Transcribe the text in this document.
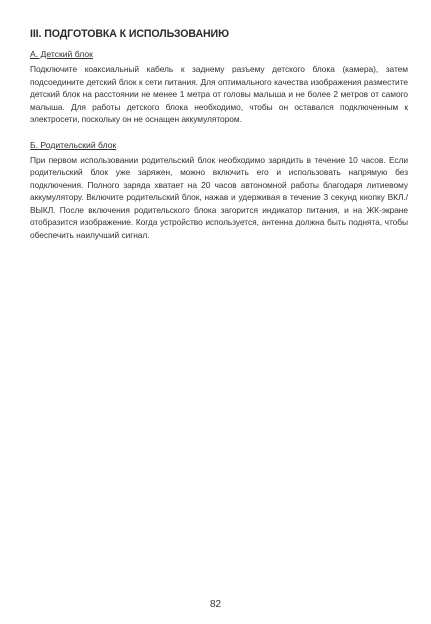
III. ПОДГОТОВКА К ИСПОЛЬЗОВАНИЮ
А. Детский блок

Подключите коаксиальный кабель к заднему разъему детского блока (камера), затем подсоедините детский блок к сети питания. Для оптимального качества изображения разместите детский блок на расстоянии не менее 1 метра от головы малыша и не более 2 метров от самого малыша. Для работы детского блока необходимо, чтобы он оставался подключенным к электросети, поскольку он не оснащен аккумулятором.

Б. Родительский блок

При первом использовании родительский блок необходимо зарядить в течение 10 часов. Если родительский блок уже заряжен, можно включить его и использовать напрямую без подключения. Полного заряда хватает на 20 часов автономной работы благодаря литиевому аккумулятору. Включите родительский блок, нажав и удерживая в течение 3 секунд кнопку ВКЛ./ВЫКЛ. После включения родительского блока загорится индикатор питания, и на ЖК-экране отобразится изображение. Когда устройство используется, антенна должна быть поднята, чтобы обеспечить наилучший сигнал.

82
